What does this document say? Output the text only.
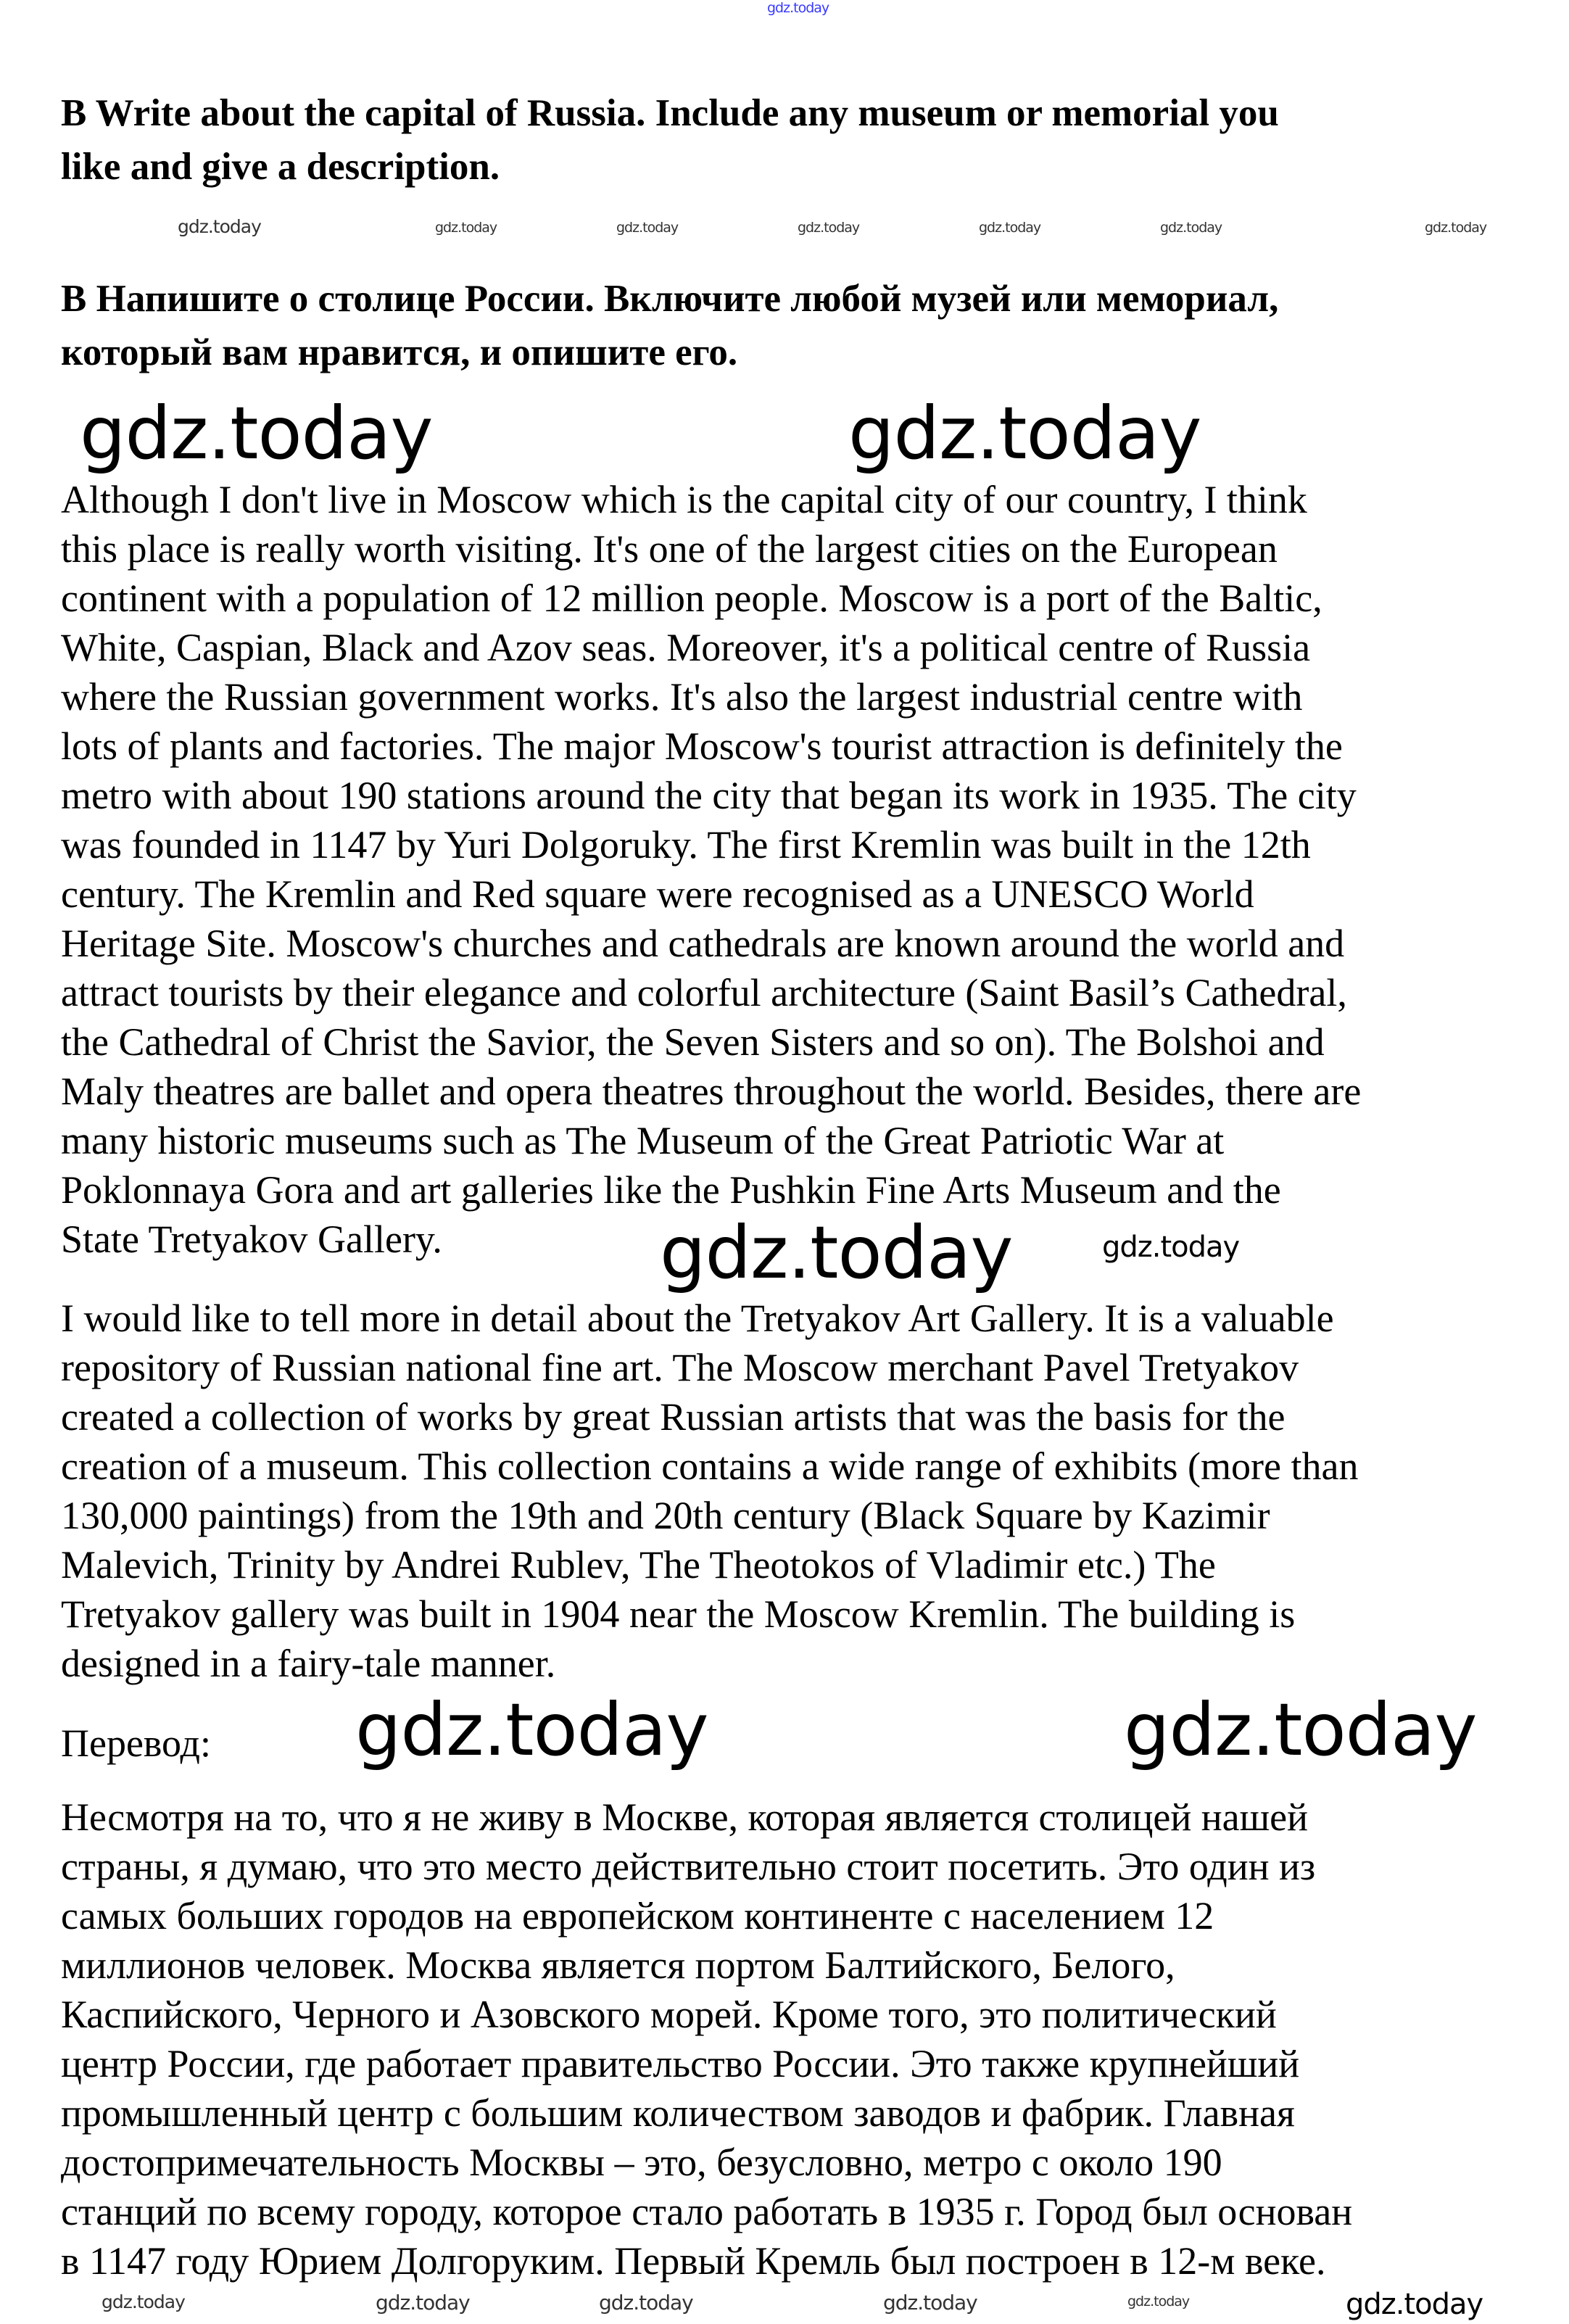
B Write about the capital of Russia. Include any museum or memorial you
like and give a description.
В Напишите о столице России. Включите любой музей или мемориал,
который вам нравится, и опишите его.
Although I don't live in Moscow which is the capital city of our country, I think
this place is really worth visiting. It's one of the largest cities on the European
continent with a population of 12 million people. Moscow is a port of the Baltic,
White, Caspian, Black and Azov seas. Moreover, it's a political centre of Russia
where the Russian government works. It's also the largest industrial centre with
lots of plants and factories. The major Moscow's tourist attraction is definitely the
metro with about 190 stations around the city that began its work in 1935. The city
was founded in 1147 by Yuri Dolgoruky. The first Kremlin was built in the 12th
century. The Kremlin and Red square were recognised as a UNESCO World
Heritage Site. Moscow's churches and cathedrals are known around the world and
attract tourists by their elegance and colorful architecture (Saint Basil’s Cathedral,
the Cathedral of Christ the Savior, the Seven Sisters and so on). The Bolshoi and
Maly theatres are ballet and opera theatres throughout the world. Besides, there are
many historic museums such as The Museum of the Great Patriotic War at
Poklonnaya Gora and art galleries like the Pushkin Fine Arts Museum and the
State Tretyakov Gallery.
I would like to tell more in detail about the Tretyakov Art Gallery. It is a valuable
repository of Russian national fine art. The Moscow merchant Pavel Tretyakov
created a collection of works by great Russian artists that was the basis for the
creation of a museum. This collection contains a wide range of exhibits (more than
130,000 paintings) from the 19th and 20th century (Black Square by Kazimir
Malevich, Trinity by Andrei Rublev, The Theotokos of Vladimir etc.) The
Tretyakov gallery was built in 1904 near the Moscow Kremlin. The building is
designed in a fairy-tale manner.
Перевод:
Несмотря на то, что я не живу в Москве, которая является столицей нашей
страны, я думаю, что это место действительно стоит посетить. Это один из
самых больших городов на европейском континенте с населением 12
миллионов человек. Москва является портом Балтийского, Белого,
Каспийского, Черного и Азовского морей. Кроме того, это политический
центр России, где работает правительство России. Это также крупнейший
промышленный центр с большим количеством заводов и фабрик. Главная
достопримечательность Москвы – это, безусловно, метро с около 190
станций по всему городу, которое стало работать в 1935 г. Город был основан
в 1147 году Юрием Долгоруким. Первый Кремль был построен в 12-м веке.
gdz.today
gdz.today	gdz.today
gdz.today	gdz.today
gdz.today	gdz.today
gdz.today	gdz.today	gdz.today	gdz.today	gdz.today	gdz.today	gdz.today
gdz.today	gdz.today	gdz.today	gdz.today	gdz.today	gdz.today
